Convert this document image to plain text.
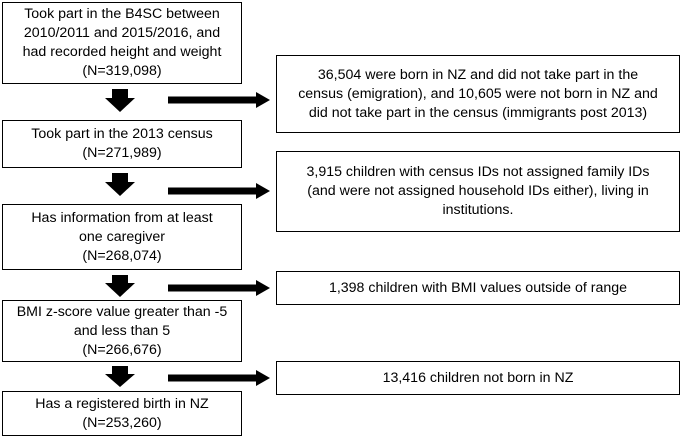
Took part in the B4SC between
2010/2011 and 2015/2016, and
had recorded height and weight
(N=319,098)
Took part in the 2013 census
(N=271,989)
Has information from at least
one caregiver
(N=268,074)
BMI z-score value greater than -5
and less than 5
(N=266,676)
Has a registered birth in NZ
(N=253,260)
36,504 were born in NZ and did not take part in the
census (emigration), and 10,605 were not born in NZ and
did not take part in the census (immigrants post 2013)
3,915 children with census IDs not assigned family IDs
(and were not assigned household IDs either), living in
institutions.
1,398 children with BMI values outside of range
13,416 children not born in NZ
